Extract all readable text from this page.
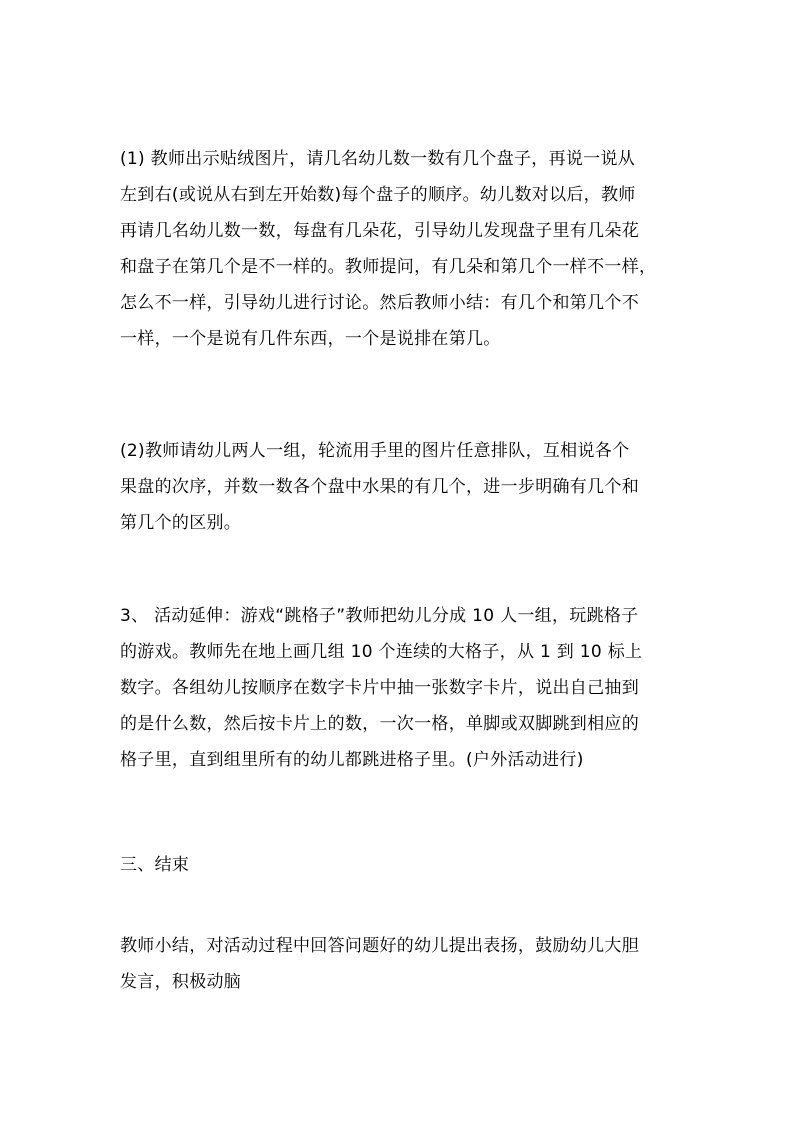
(1) 教师出示贴绒图片，请几名幼儿数一数有几个盘子，再说一说从
左到右(或说从右到左开始数)每个盘子的顺序。幼儿数对以后，教师
再请几名幼儿数一数，每盘有几朵花，引导幼儿发现盘子里有几朵花
和盘子在第几个是不一样的。教师提问，有几朵和第几个一样不一样，
怎么不一样，引导幼儿进行讨论。然后教师小结：有几个和第几个不
一样，一个是说有几件东西，一个是说排在第几。

(2)教师请幼儿两人一组，轮流用手里的图片任意排队，互相说各个
果盘的次序，并数一数各个盘中水果的有几个，进一步明确有几个和
第几个的区别。

3、 活动延伸：游戏“跳格子”教师把幼儿分成 10 人一组，玩跳格子
的游戏。教师先在地上画几组 10 个连续的大格子，从 1 到 10 标上
数字。各组幼儿按顺序在数字卡片中抽一张数字卡片，说出自己抽到
的是什么数，然后按卡片上的数，一次一格，单脚或双脚跳到相应的
格子里，直到组里所有的幼儿都跳进格子里。(户外活动进行)

三、结束

教师小结，对活动过程中回答问题好的幼儿提出表扬，鼓励幼儿大胆
发言，积极动脑
